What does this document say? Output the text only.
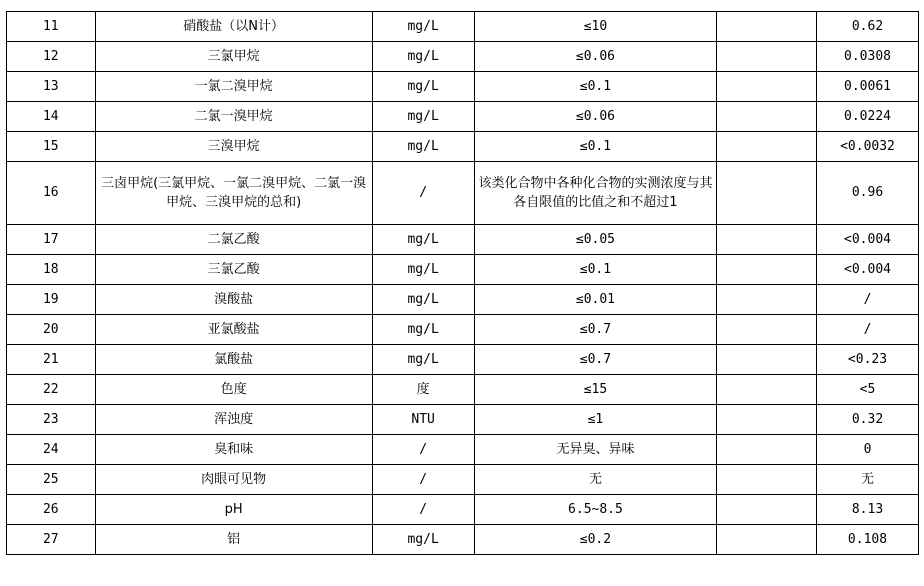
11	硝酸盐（以N计）	mg/L	≤10		0.62
12	三氯甲烷	mg/L	≤0.06		0.0308
13	一氯二溴甲烷	mg/L	≤0.1		0.0061
14	二氯一溴甲烷	mg/L	≤0.06		0.0224
15	三溴甲烷	mg/L	≤0.1		<0.0032
16	三卤甲烷(三氯甲烷、一氯二溴甲烷、二氯一溴甲烷、三溴甲烷的总和)	/	该类化合物中各种化合物的实测浓度与其各自限值的比值之和不超过1		0.96
17	二氯乙酸	mg/L	≤0.05		<0.004
18	三氯乙酸	mg/L	≤0.1		<0.004
19	溴酸盐	mg/L	≤0.01		/
20	亚氯酸盐	mg/L	≤0.7		/
21	氯酸盐	mg/L	≤0.7		<0.23
22	色度	度	≤15		<5
23	浑浊度	NTU	≤1		0.32
24	臭和味	/	无异臭、异味		0
25	肉眼可见物	/	无		无
26	pH	/	6.5~8.5		8.13
27	铝	mg/L	≤0.2		0.108
